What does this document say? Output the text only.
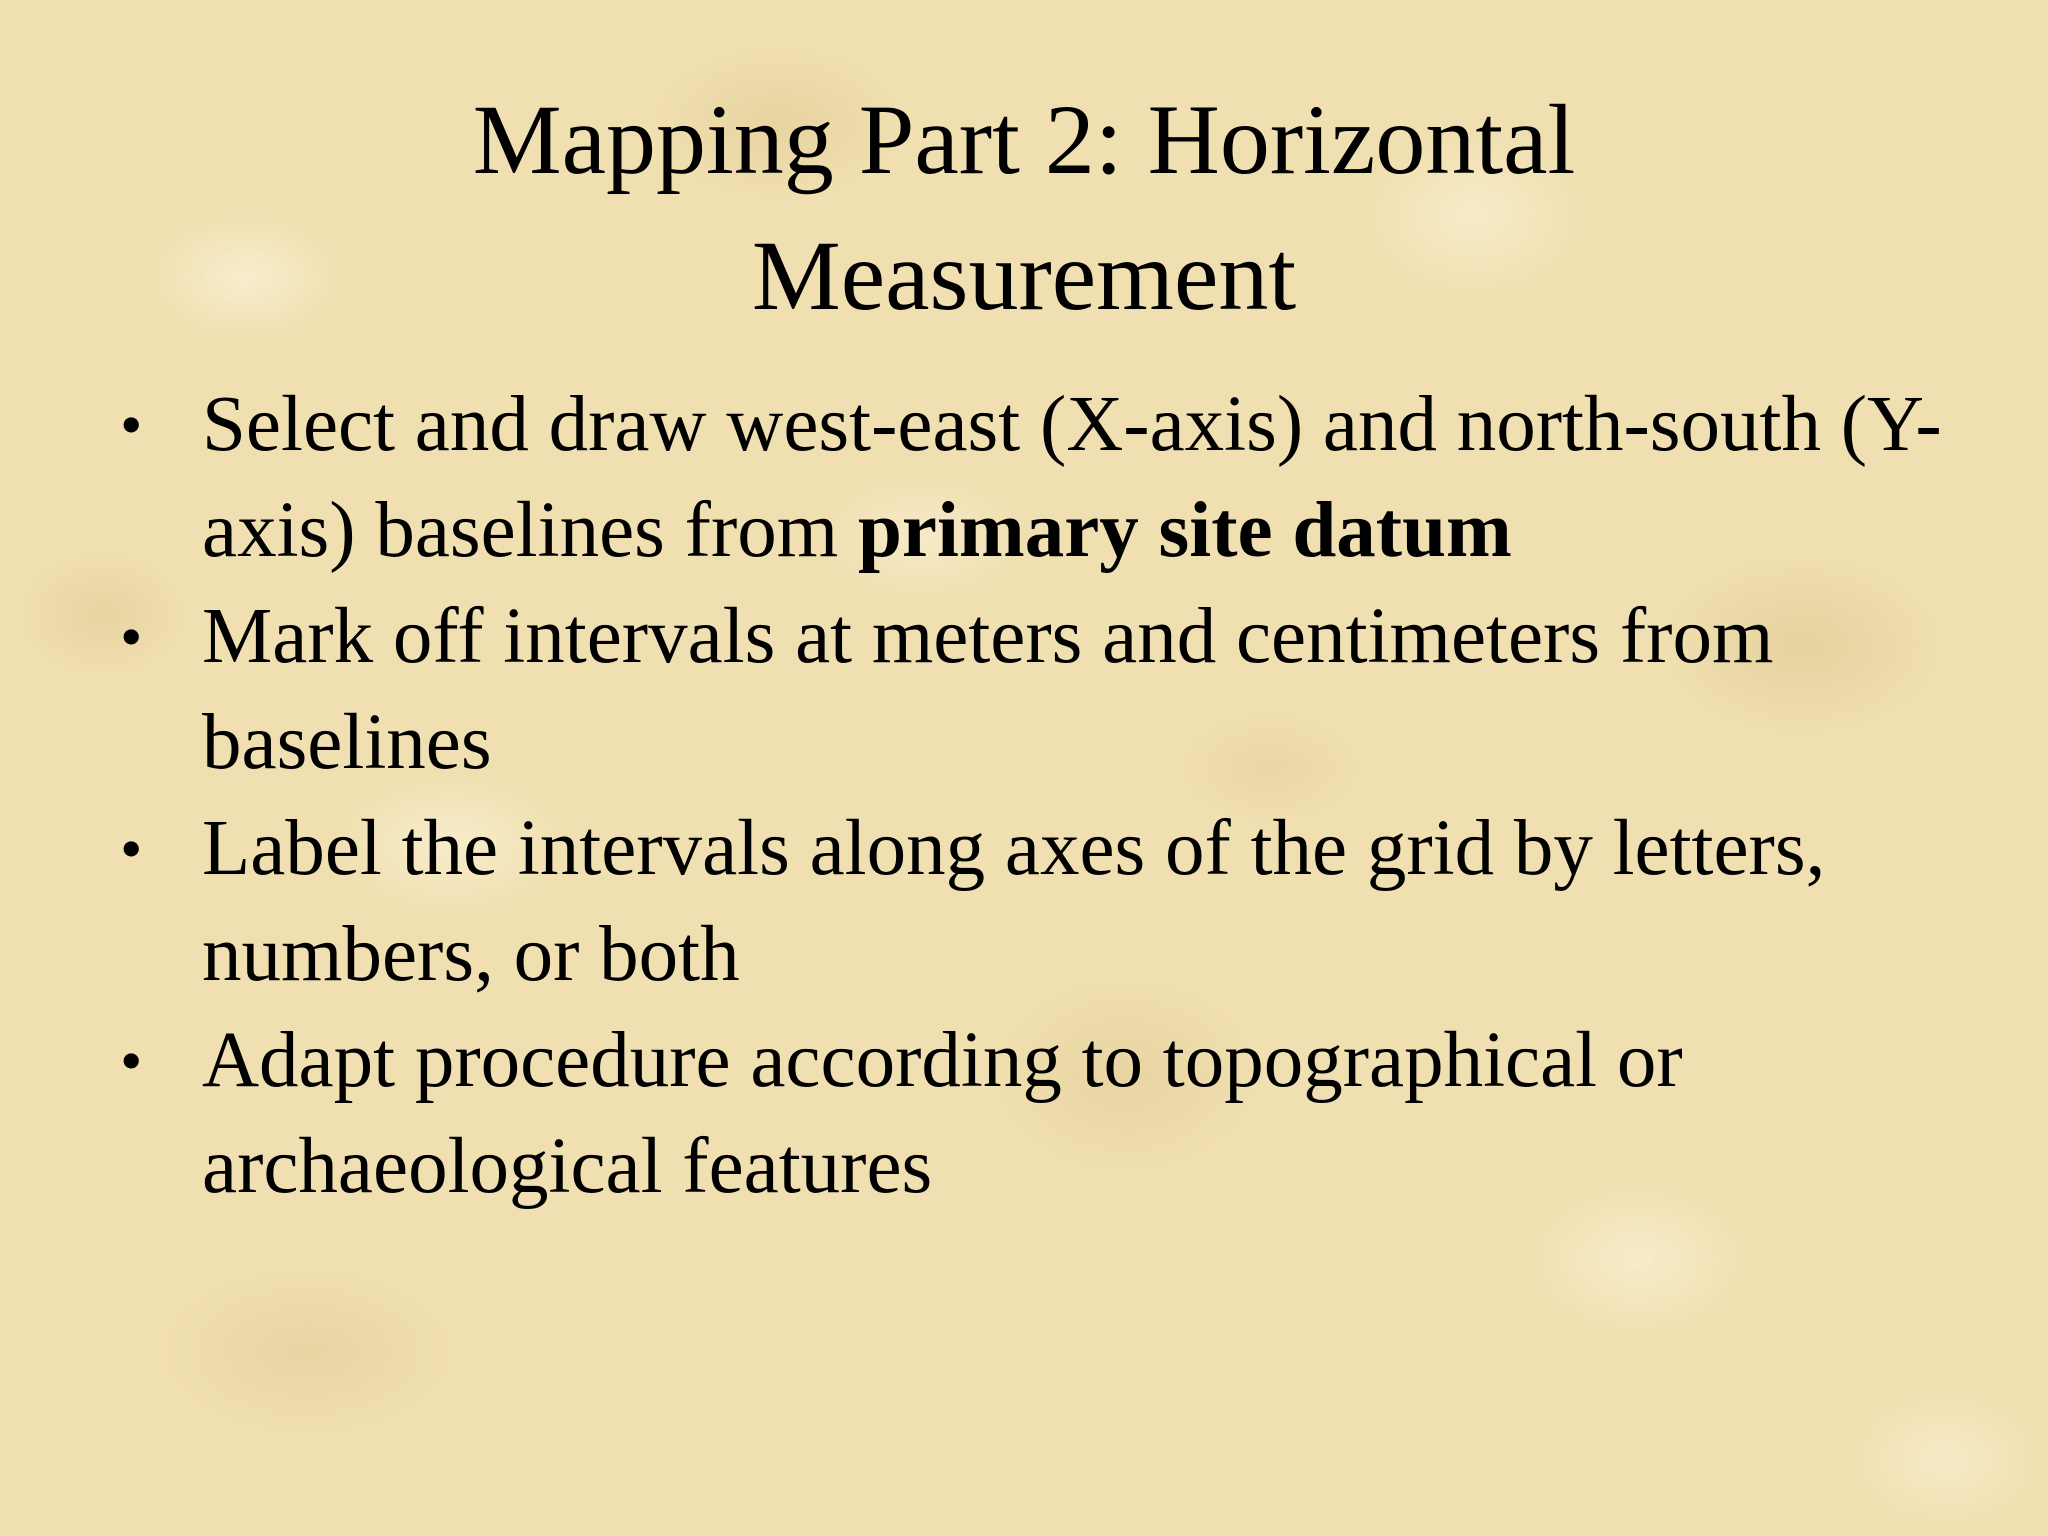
Mapping Part 2: Horizontal
Measurement
• Select and draw west-east (X-axis) and north-south (Y-axis) baselines from primary site datum
• Mark off intervals at meters and centimeters from baselines
• Label the intervals along axes of the grid by letters, numbers, or both
• Adapt procedure according to topographical or archaeological features
